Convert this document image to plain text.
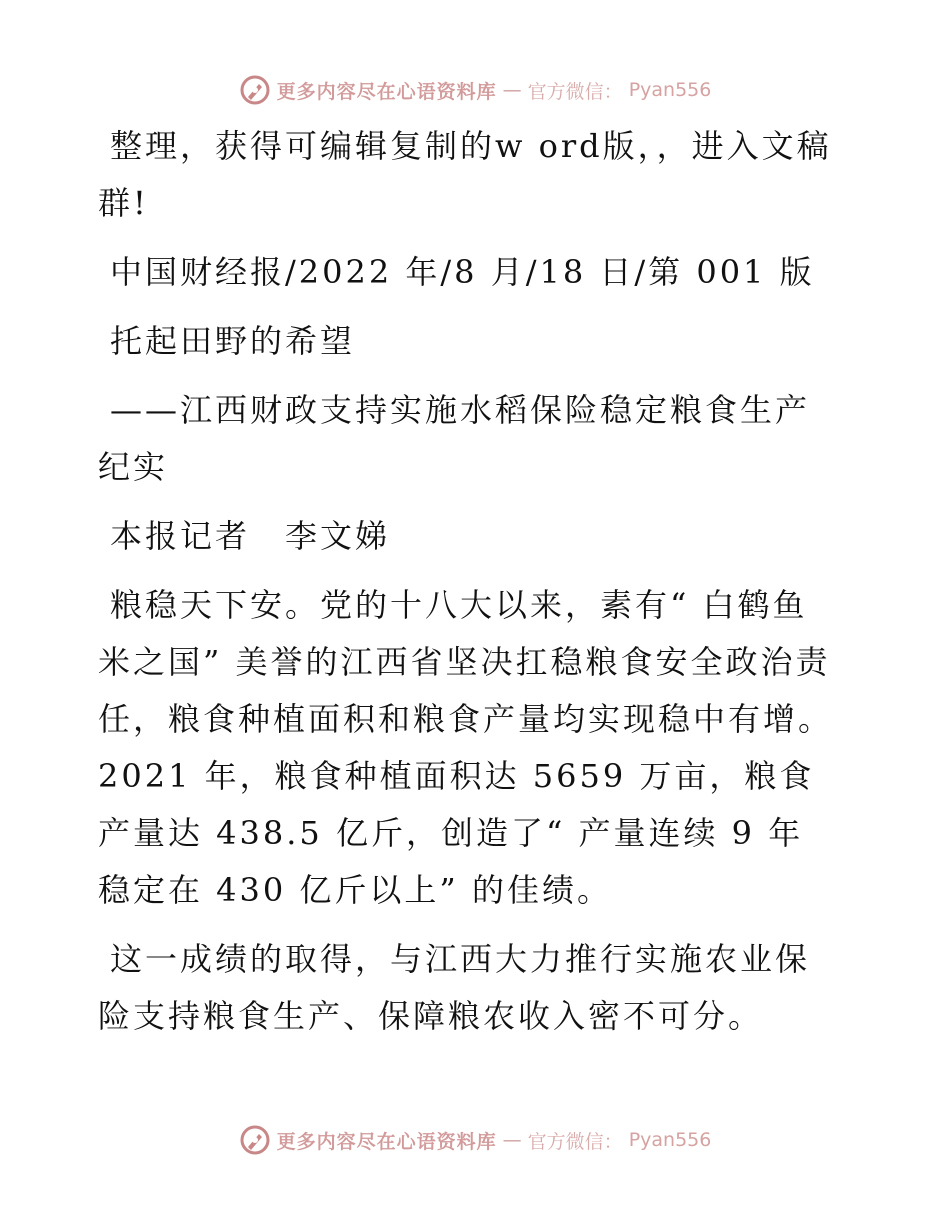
更多内容尽在心语资料库 — 官方微信： Pyan556

整理，获得可编辑复制的w ord版，，进入文稿群!

中国财经报/2022 年/8 月/18 日/第 001 版

托起田野的希望

——江西财政支持实施水稻保险稳定粮食生产纪实

本报记者　李文娣

粮稳天下安。党的十八大以来，素有“ 白鹤鱼米之国” 美誉的江西省坚决扛稳粮食安全政治责任，粮食种植面积和粮食产量均实现稳中有增。2021 年，粮食种植面积达 5659 万亩，粮食产量达 438.5 亿斤，创造了“ 产量连续 9 年稳定在 430 亿斤以上” 的佳绩。

这一成绩的取得，与江西大力推行实施农业保险支持粮食生产、保障粮农收入密不可分。

更多内容尽在心语资料库 — 官方微信： Pyan556
